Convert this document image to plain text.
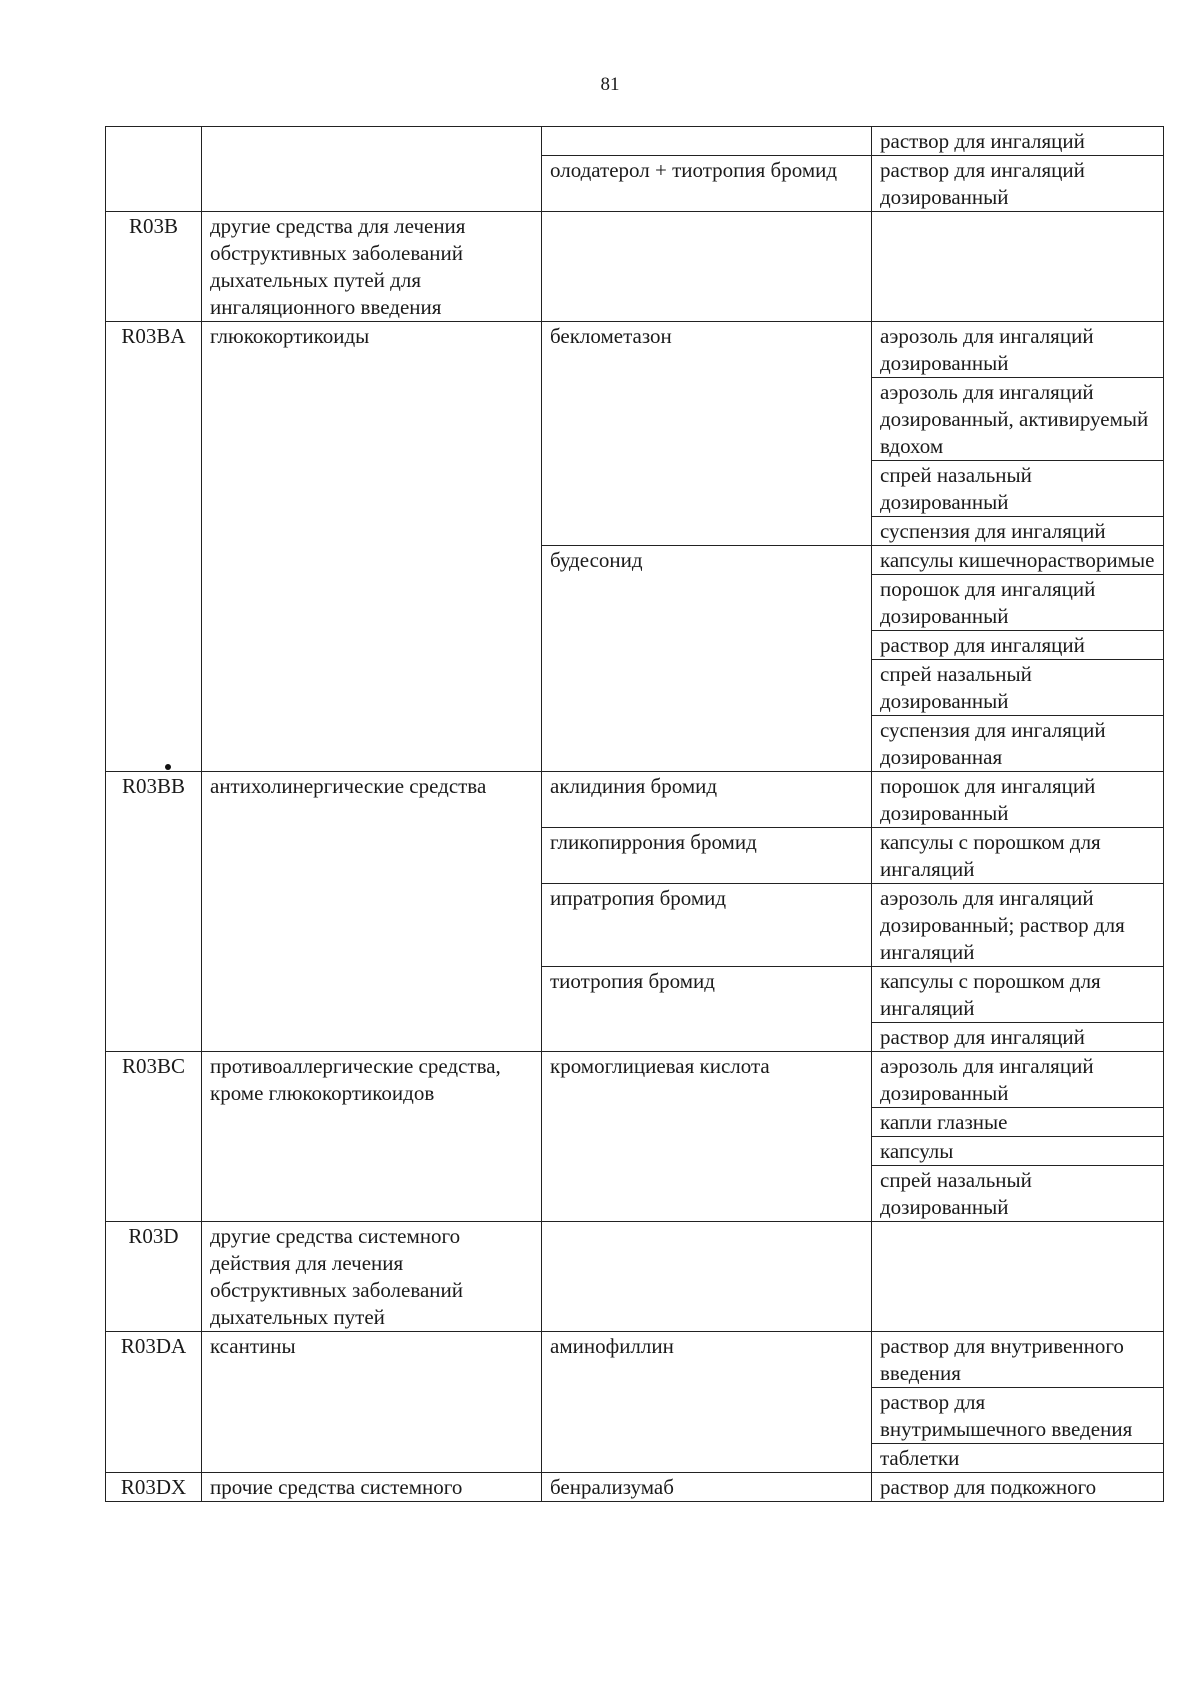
81
			раствор для ингаляций
		олодатерол + тиотропия бромид	раствор для ингаляций дозированный
R03B	другие средства для лечения обструктивных заболеваний дыхательных путей для ингаляционного введения		
R03BA	глюкокортикоиды	беклометазон	аэрозоль для ингаляций дозированный
			аэрозоль для ингаляций дозированный, активируемый вдохом
			спрей назальный дозированный
			суспензия для ингаляций
		будесонид	капсулы кишечнорастворимые
			порошок для ингаляций дозированный
			раствор для ингаляций
			спрей назальный дозированный
			суспензия для ингаляций дозированная
R03BB	антихолинергические средства	аклидиния бромид	порошок для ингаляций дозированный
		гликопиррония бромид	капсулы с порошком для ингаляций
		ипратропия бромид	аэрозоль для ингаляций дозированный; раствор для ингаляций
		тиотропия бромид	капсулы с порошком для ингаляций
			раствор для ингаляций
R03BC	противоаллергические средства, кроме глюкокортикоидов	кромоглициевая кислота	аэрозоль для ингаляций дозированный
			капли глазные
			капсулы
			спрей назальный дозированный
R03D	другие средства системного действия для лечения обструктивных заболеваний дыхательных путей		
R03DA	ксантины	аминофиллин	раствор для внутривенного введения
			раствор для внутримышечного введения
			таблетки
R03DX	прочие средства системного	бенрализумаб	раствор для подкожного
